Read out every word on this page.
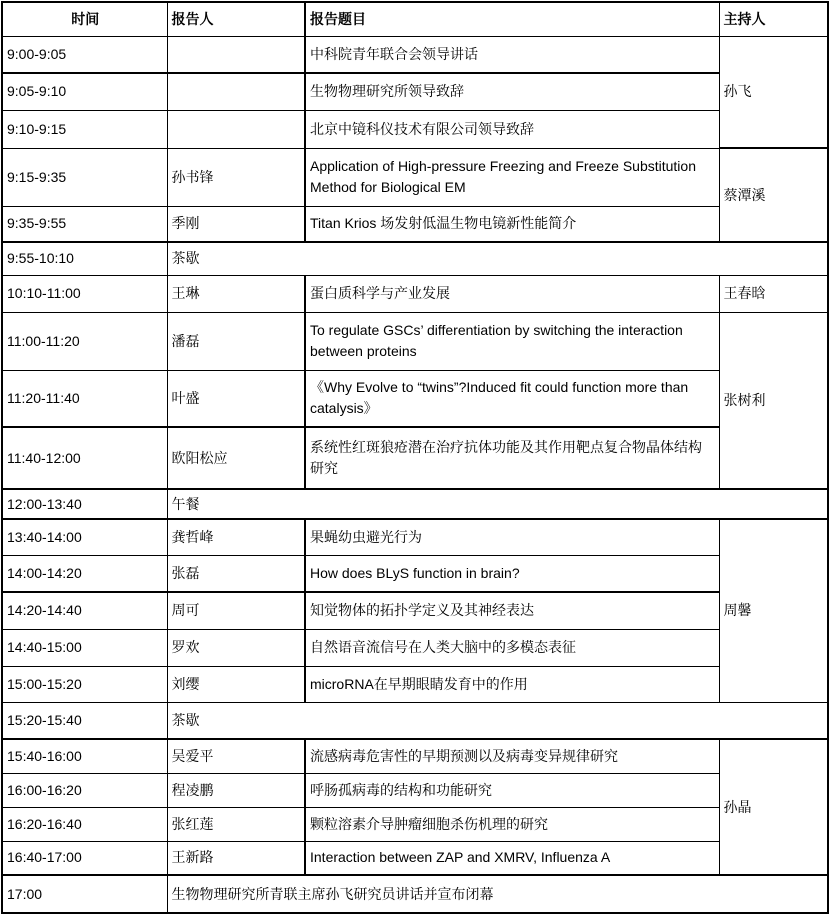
时间	报告人	报告题目	主持人
9:00-9:05		中科院青年联合会领导讲话	孙飞
9:05-9:10		生物物理研究所领导致辞	
9:10-9:15		北京中镜科仪技术有限公司领导致辞	
9:15-9:35	孙书锋	Application of High-pressure Freezing and Freeze Substitution Method for Biological EM	蔡潭溪
9:35-9:55	季刚	Titan Krios 场发射低温生物电镜新性能简介	
9:55-10:10	茶歇		
10:10-11:00	王琳	蛋白质科学与产业发展	王春晗
11:00-11:20	潘磊	To regulate GSCs’ differentiation by switching the interaction between proteins	张树利
11:20-11:40	叶盛	《Why Evolve to “twins”?Induced fit could function more than catalysis》	
11:40-12:00	欧阳松应	系统性红斑狼疮潜在治疗抗体功能及其作用靶点复合物晶体结构研究	
12:00-13:40	午餐		
13:40-14:00	龚哲峰	果蝇幼虫避光行为	周馨
14:00-14:20	张磊	How does BLyS function in brain?	
14:20-14:40	周可	知觉物体的拓扑学定义及其神经表达	
14:40-15:00	罗欢	自然语音流信号在人类大脑中的多模态表征	
15:00-15:20	刘缨	microRNA在早期眼睛发育中的作用	
15:20-15:40	茶歇		
15:40-16:00	吴爱平	流感病毒危害性的早期预测以及病毒变异规律研究	孙晶
16:00-16:20	程凌鹏	呼肠孤病毒的结构和功能研究	
16:20-16:40	张红莲	颗粒溶素介导肿瘤细胞杀伤机理的研究	
16:40-17:00	王新路	Interaction between ZAP and XMRV, Influenza A	
17:00	生物物理研究所青联主席孙飞研究员讲话并宣布闭幕		
